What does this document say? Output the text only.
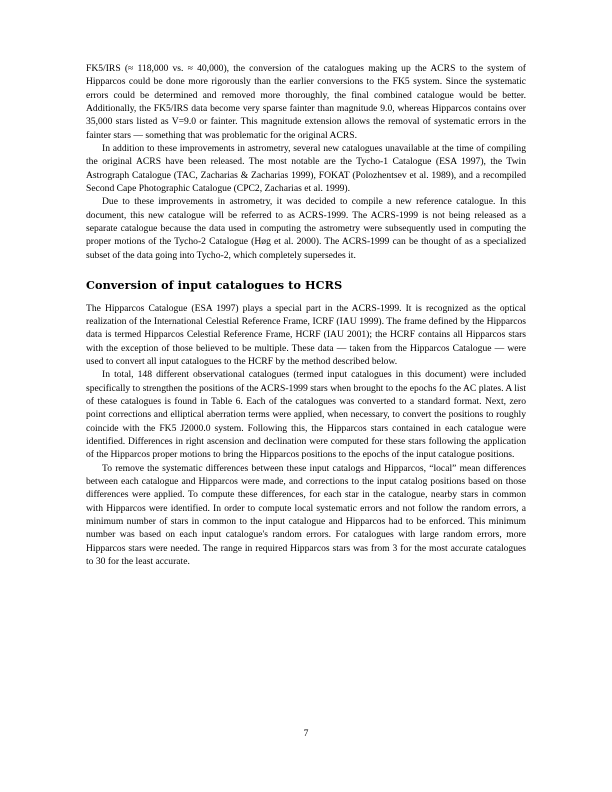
FK5/IRS (≈ 118,000 vs. ≈ 40,000), the conversion of the catalogues making up the ACRS to the system of Hipparcos could be done more rigorously than the earlier conversions to the FK5 system. Since the systematic errors could be determined and removed more thoroughly, the final combined catalogue would be better. Additionally, the FK5/IRS data become very sparse fainter than magnitude 9.0, whereas Hipparcos contains over 35,000 stars listed as V=9.0 or fainter. This magnitude extension allows the removal of systematic errors in the fainter stars — something that was problematic for the original ACRS.

In addition to these improvements in astrometry, several new catalogues unavailable at the time of compiling the original ACRS have been released. The most notable are the Tycho-1 Catalogue (ESA 1997), the Twin Astrograph Catalogue (TAC, Zacharias & Zacharias 1999), FOKAT (Polozhentsev et al. 1989), and a recompiled Second Cape Photographic Catalogue (CPC2, Zacharias et al. 1999).

Due to these improvements in astrometry, it was decided to compile a new reference catalogue. In this document, this new catalogue will be referred to as ACRS-1999. The ACRS-1999 is not being released as a separate catalogue because the data used in computing the astrometry were subsequently used in computing the proper motions of the Tycho-2 Catalogue (Høg et al. 2000). The ACRS-1999 can be thought of as a specialized subset of the data going into Tycho-2, which completely supersedes it.

Conversion of input catalogues to HCRS

The Hipparcos Catalogue (ESA 1997) plays a special part in the ACRS-1999. It is recognized as the optical realization of the International Celestial Reference Frame, ICRF (IAU 1999). The frame defined by the Hipparcos data is termed Hipparcos Celestial Reference Frame, HCRF (IAU 2001); the HCRF contains all Hipparcos stars with the exception of those believed to be multiple. These data — taken from the Hipparcos Catalogue — were used to convert all input catalogues to the HCRF by the method described below.

In total, 148 different observational catalogues (termed input catalogues in this document) were included specifically to strengthen the positions of the ACRS-1999 stars when brought to the epochs fo the AC plates. A list of these catalogues is found in Table 6. Each of the catalogues was converted to a standard format. Next, zero point corrections and elliptical aberration terms were applied, when necessary, to convert the positions to roughly coincide with the FK5 J2000.0 system. Following this, the Hipparcos stars contained in each catalogue were identified. Differences in right ascension and declination were computed for these stars following the application of the Hipparcos proper motions to bring the Hipparcos positions to the epochs of the input catalogue positions.

To remove the systematic differences between these input catalogs and Hipparcos, “local” mean differences between each catalogue and Hipparcos were made, and corrections to the input catalog positions based on those differences were applied. To compute these differences, for each star in the catalogue, nearby stars in common with Hipparcos were identified. In order to compute local systematic errors and not follow the random errors, a minimum number of stars in common to the input catalogue and Hipparcos had to be enforced. This minimum number was based on each input catalogue's random errors. For catalogues with large random errors, more Hipparcos stars were needed. The range in required Hipparcos stars was from 3 for the most accurate catalogues to 30 for the least accurate.

7
